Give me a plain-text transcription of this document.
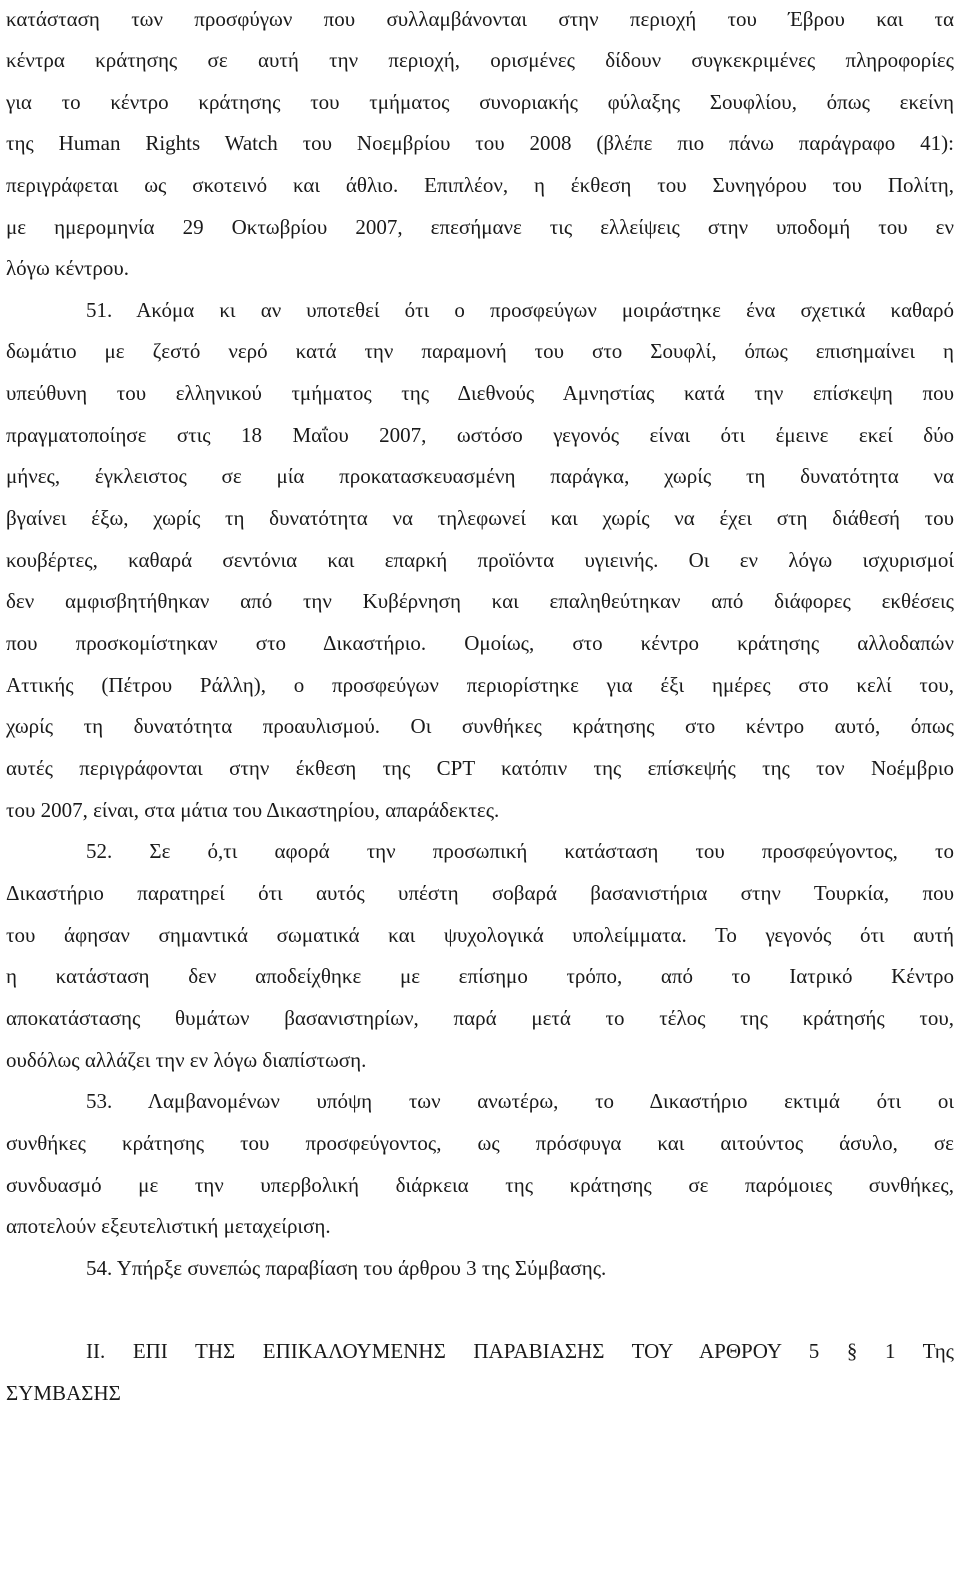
κατάσταση των προσφύγων που συλλαμβάνονται στην περιοχή του Έβρου και τα
κέντρα κράτησης σε αυτή την περιοχή, ορισμένες δίδουν συγκεκριμένες πληροφορίες
για το κέντρο κράτησης του τμήματος συνοριακής φύλαξης Σουφλίου, όπως εκείνη
της Human Rights Watch του Νοεμβρίου του 2008 (βλέπε πιο πάνω παράγραφο 41):
περιγράφεται ως σκοτεινό και άθλιο. Επιπλέον, η έκθεση του Συνηγόρου του Πολίτη,
με ημερομηνία 29 Οκτωβρίου 2007, επεσήμανε τις ελλείψεις στην υποδομή του εν
λόγω κέντρου.
51. Ακόμα κι αν υποτεθεί ότι ο προσφεύγων μοιράστηκε ένα σχετικά καθαρό
δωμάτιο με ζεστό νερό κατά την παραμονή του στο Σουφλί, όπως επισημαίνει η
υπεύθυνη του ελληνικού τμήματος της Διεθνούς Αμνηστίας κατά την επίσκεψη που
πραγματοποίησε στις 18 Μαΐου 2007, ωστόσο γεγονός είναι ότι έμεινε εκεί δύο
μήνες, έγκλειστος σε μία προκατασκευασμένη παράγκα, χωρίς τη δυνατότητα να
βγαίνει έξω, χωρίς τη δυνατότητα να τηλεφωνεί και χωρίς να έχει στη διάθεσή του
κουβέρτες, καθαρά σεντόνια και επαρκή προϊόντα υγιεινής. Οι εν λόγω ισχυρισμοί
δεν αμφισβητήθηκαν από την Κυβέρνηση και επαληθεύτηκαν από διάφορες εκθέσεις
που προσκομίστηκαν στο Δικαστήριο. Ομοίως, στο κέντρο κράτησης αλλοδαπών
Αττικής (Πέτρου Ράλλη), ο προσφεύγων περιορίστηκε για έξι ημέρες στο κελί του,
χωρίς τη δυνατότητα προαυλισμού. Οι συνθήκες κράτησης στο κέντρο αυτό, όπως
αυτές περιγράφονται στην έκθεση της CPT κατόπιν της επίσκεψής της τον Νοέμβριο
του 2007, είναι, στα μάτια του Δικαστηρίου, απαράδεκτες.
52. Σε ό,τι αφορά την προσωπική κατάσταση του προσφεύγοντος, το
Δικαστήριο παρατηρεί ότι αυτός υπέστη σοβαρά βασανιστήρια στην Τουρκία, που
του άφησαν σημαντικά σωματικά και ψυχολογικά υπολείμματα. Το γεγονός ότι αυτή
η κατάσταση δεν αποδείχθηκε με επίσημο τρόπο, από το Ιατρικό Κέντρο
αποκατάστασης θυμάτων βασανιστηρίων, παρά μετά το τέλος της κράτησής του,
ουδόλως αλλάζει την εν λόγω διαπίστωση.
53. Λαμβανομένων υπόψη των ανωτέρω, το Δικαστήριο εκτιμά ότι οι
συνθήκες κράτησης του προσφεύγοντος, ως πρόσφυγα και αιτούντος άσυλο, σε
συνδυασμό με την υπερβολική διάρκεια της κράτησης σε παρόμοιες συνθήκες,
αποτελούν εξευτελιστική μεταχείριση.
54. Υπήρξε συνεπώς παραβίαση του άρθρου 3 της Σύμβασης.
II. ΕΠΙ ΤΗΣ ΕΠΙΚΑΛΟΥΜΕΝΗΣ ΠΑΡΑΒΙΑΣΗΣ ΤΟΥ ΑΡΘΡΟΥ 5 § 1 Της
ΣΥΜΒΑΣΗΣ
